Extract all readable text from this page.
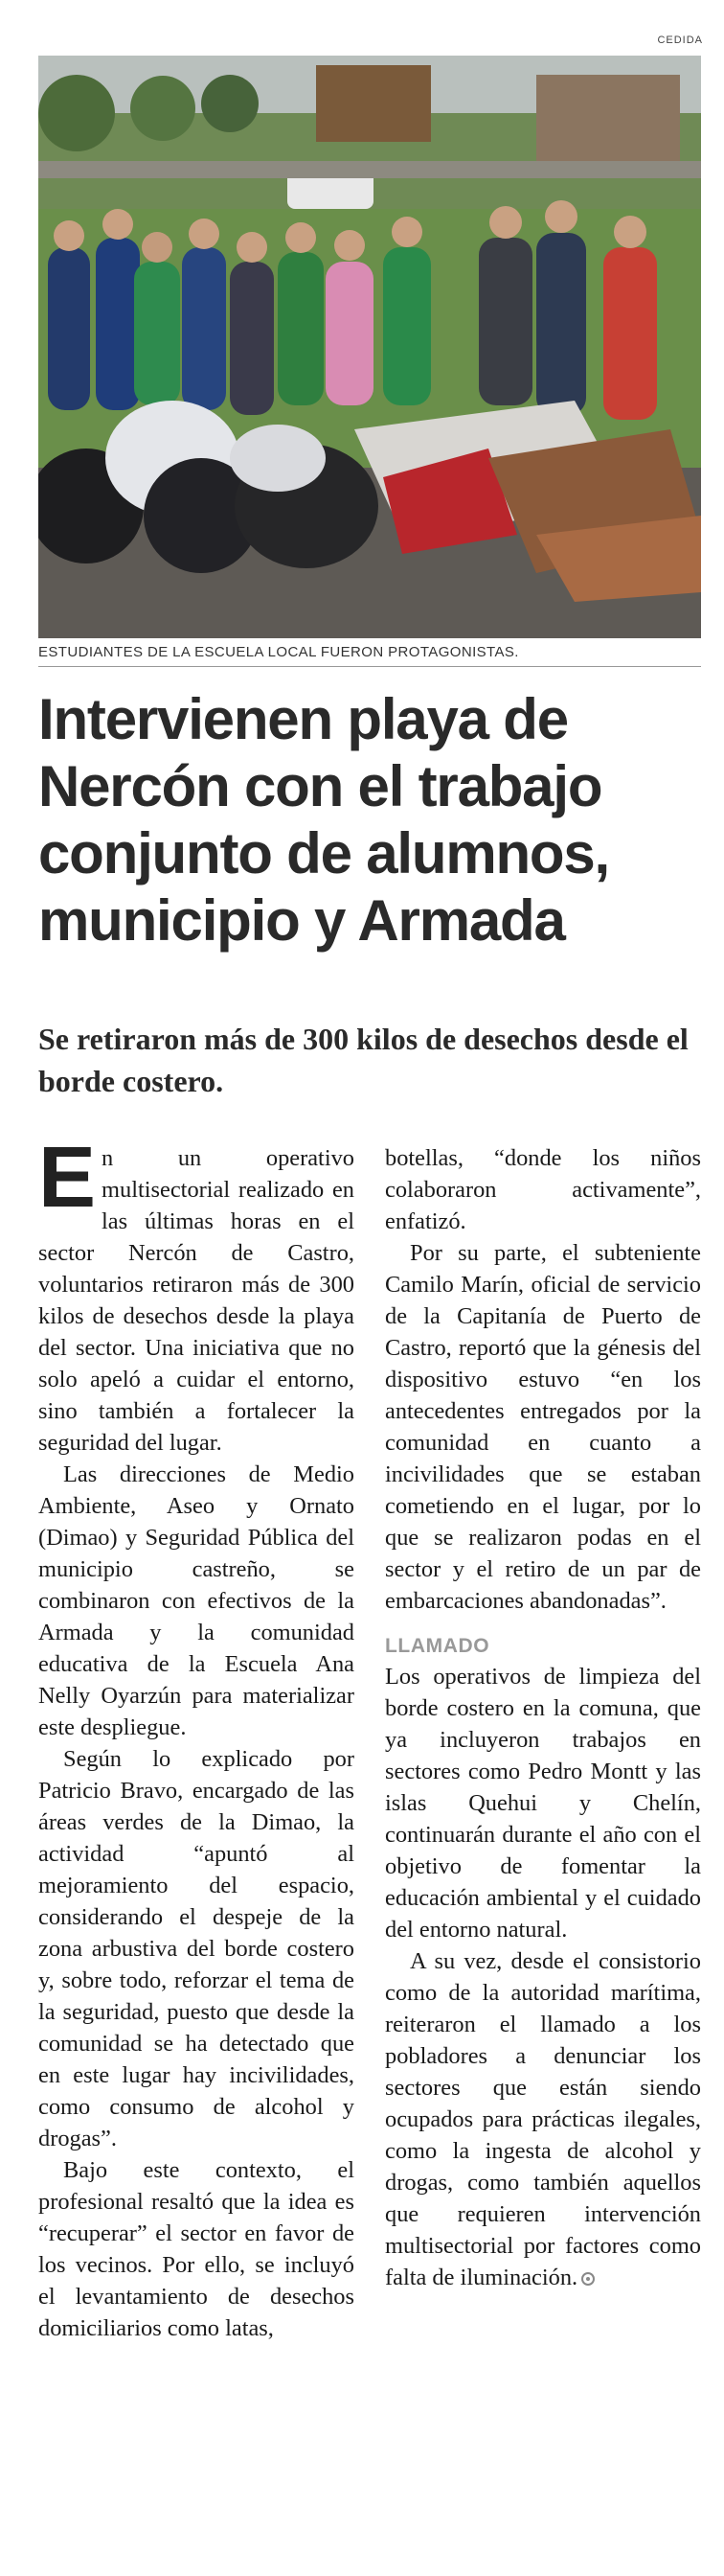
CEDIDA
ESTUDIANTES DE LA ESCUELA LOCAL FUERON PROTAGONISTAS.
Intervienen playa de Nercón con el trabajo conjunto de alumnos, municipio y Armada
Se retiraron más de 300 kilos de desechos desde el borde costero.

En un operativo multisectorial realizado en las últimas horas en el sector Nercón de Castro, voluntarios retiraron más de 300 kilos de desechos desde la playa del sector. Una iniciativa que no solo apeló a cuidar el entorno, sino también a fortalecer la seguridad del lugar.

Las direcciones de Medio Ambiente, Aseo y Ornato (Dimao) y Seguridad Pública del municipio castreño, se combinaron con efectivos de la Armada y la comunidad educativa de la Escuela Ana Nelly Oyarzún para materializar este despliegue.

Según lo explicado por Patricio Bravo, encargado de las áreas verdes de la Dimao, la actividad “apuntó al mejoramiento del espacio, considerando el despeje de la zona arbustiva del borde costero y, sobre todo, reforzar el tema de la seguridad, puesto que desde la comunidad se ha detectado que en este lugar hay incivilidades, como consumo de alcohol y drogas”.

Bajo este contexto, el profesional resaltó que la idea es “recuperar” el sector en favor de los vecinos. Por ello, se incluyó el levantamiento de desechos domiciliarios como latas,

botellas, “donde los niños colaboraron activamente”, enfatizó.

Por su parte, el subteniente Camilo Marín, oficial de servicio de la Capitanía de Puerto de Castro, reportó que la génesis del dispositivo estuvo “en los antecedentes entregados por la comunidad en cuanto a incivilidades que se estaban cometiendo en el lugar, por lo que se realizaron podas en el sector y el retiro de un par de embarcaciones abandonadas”.

LLAMADO

Los operativos de limpieza del borde costero en la comuna, que ya incluyeron trabajos en sectores como Pedro Montt y las islas Quehui y Chelín, continuarán durante el año con el objetivo de fomentar la educación ambiental y el cuidado del entorno natural.

A su vez, desde el consistorio como de la autoridad marítima, reiteraron el llamado a los pobladores a denunciar los sectores que están siendo ocupados para prácticas ilegales, como la ingesta de alcohol y drogas, como también aquellos que requieren intervención multisectorial por factores como falta de iluminación.
